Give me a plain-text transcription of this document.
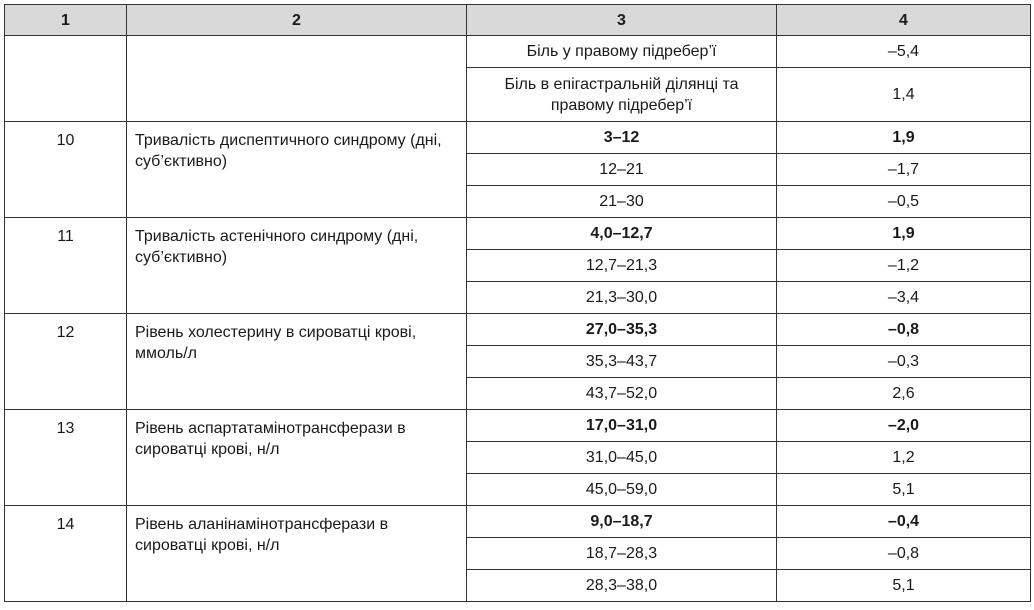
1	2	3	4
		Біль у правому підребер’ї	–5,4
		Біль в епігастральній ділянці та правому підребер’ї	1,4
10	Тривалість диспептичного синдрому (дні, суб’єктивно)	3–12	1,9
		12–21	–1,7
		21–30	–0,5
11	Тривалість астенічного синдрому (дні, суб’єктивно)	4,0–12,7	1,9
		12,7–21,3	–1,2
		21,3–30,0	–3,4
12	Рівень холестерину в сироватці крові, ммоль/л	27,0–35,3	–0,8
		35,3–43,7	–0,3
		43,7–52,0	2,6
13	Рівень аспартатамінотрансферази в сироватці крові, н/л	17,0–31,0	–2,0
		31,0–45,0	1,2
		45,0–59,0	5,1
14	Рівень аланінамінотрансферази в сироватці крові, н/л	9,0–18,7	–0,4
		18,7–28,3	–0,8
		28,3–38,0	5,1
